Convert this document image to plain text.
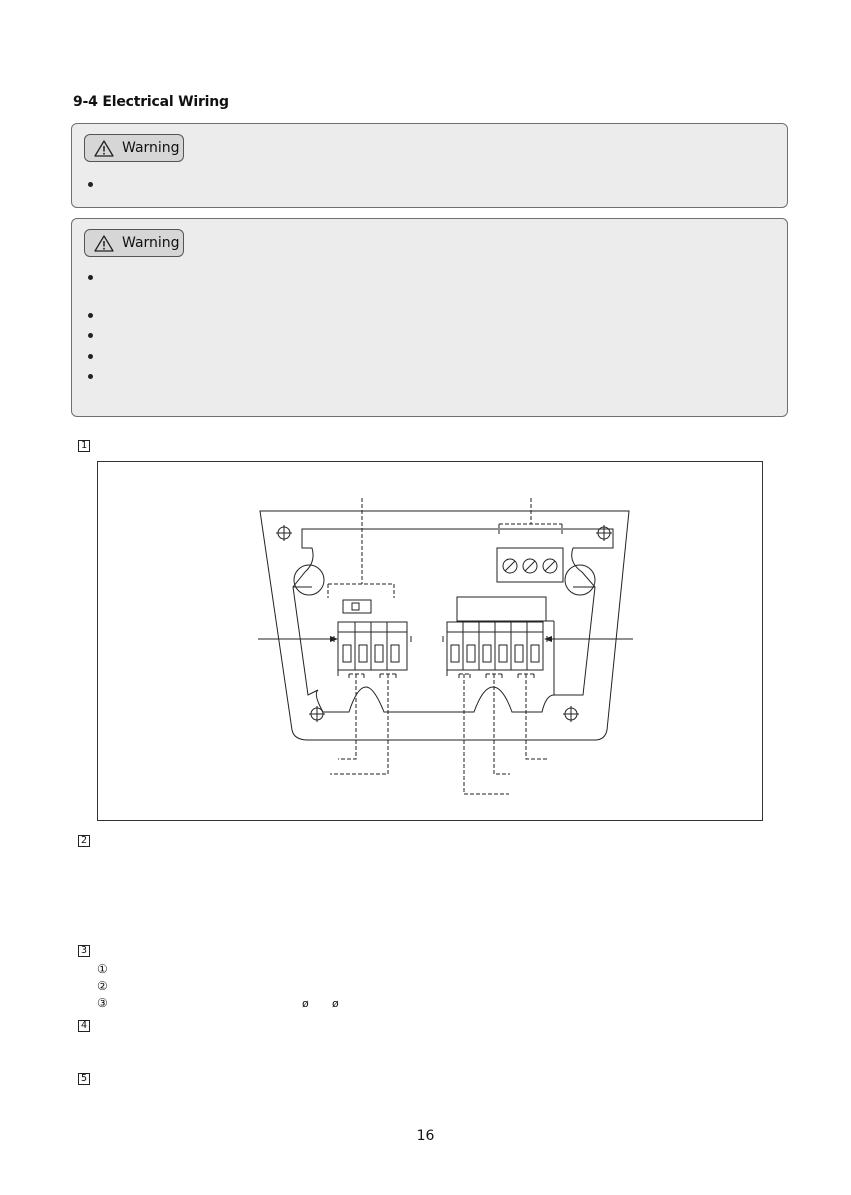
9-4 Electrical Wiring
Warning
Warning
1
2
3
①
②
③	ø ø
4
5
16
